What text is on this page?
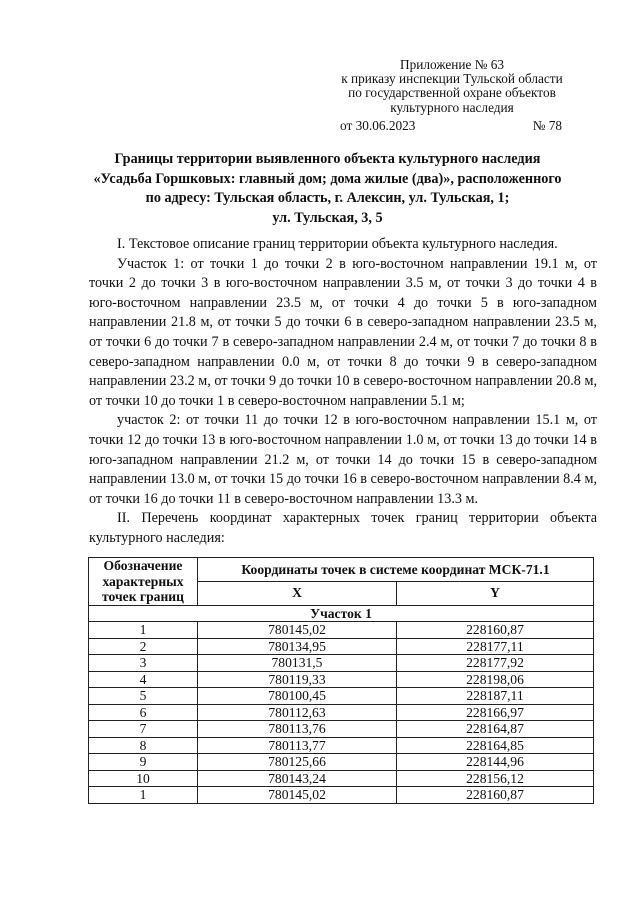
Приложение № 63
к приказу инспекции Тульской области
по государственной охране объектов
культурного наследия
от 30.06.2023	№ 78
Границы территории выявленного объекта культурного наследия
«Усадьба Горшковых: главный дом; дома жилые (два)», расположенного
по адресу: Тульская область, г. Алексин, ул. Тульская, 1;
ул. Тульская, 3, 5

I. Текстовое описание границ территории объекта культурного наследия.

Участок 1: от точки 1 до точки 2 в юго-восточном направлении 19.1 м, от точки 2 до точки 3 в юго-восточном направлении 3.5 м, от точки 3 до точки 4 в юго-восточном направлении 23.5 м, от точки 4 до точки 5 в юго-западном направлении 21.8 м, от точки 5 до точки 6 в северо-западном направлении 23.5 м, от точки 6 до точки 7 в северо-западном направлении 2.4 м, от точки 7 до точки 8 в северо-западном направлении 0.0 м, от точки 8 до точки 9 в северо-западном направлении 23.2 м, от точки 9 до точки 10 в северо-восточном направлении 20.8 м, от точки 10 до точки 1 в северо-восточном направлении 5.1 м;

участок 2: от точки 11 до точки 12 в юго-восточном направлении 15.1 м, от точки 12 до точки 13 в юго-восточном направлении 1.0 м, от точки 13 до точки 14 в юго-западном направлении 21.2 м, от точки 14 до точки 15 в северо-западном направлении 13.0 м, от точки 15 до точки 16 в северо-восточном направлении 8.4 м, от точки 16 до точки 11 в северо-восточном направлении 13.3 м.

II. Перечень координат характерных точек границ территории объекта культурного наследия:

Обозначение характерных точек границ	Координаты точек в системе координат МСК-71.1	
	X	Y
Участок 1		
1	780145,02	228160,87
2	780134,95	228177,11
3	780131,5	228177,92
4	780119,33	228198,06
5	780100,45	228187,11
6	780112,63	228166,97
7	780113,76	228164,87
8	780113,77	228164,85
9	780125,66	228144,96
10	780143,24	228156,12
1	780145,02	228160,87
